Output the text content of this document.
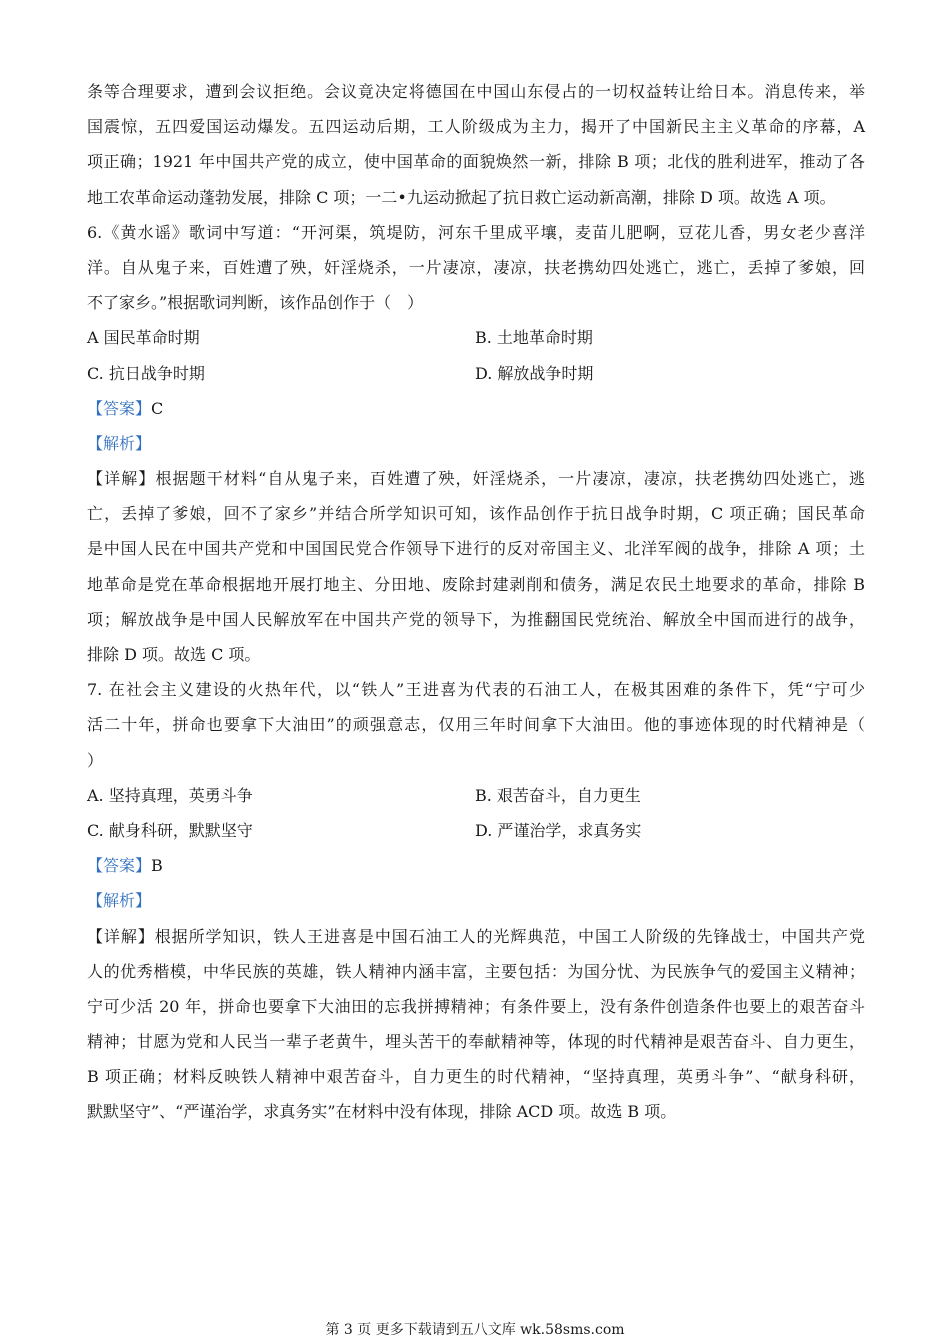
条等合理要求，遭到会议拒绝。会议竟决定将德国在中国山东侵占的一切权益转让给日本。消息传来，举
国震惊，五四爱国运动爆发。五四运动后期，工人阶级成为主力，揭开了中国新民主主义革命的序幕，A
项正确；1921 年中国共产党的成立，使中国革命的面貌焕然一新，排除 B 项；北伐的胜利进军，推动了各
地工农革命运动蓬勃发展，排除 C 项；一二•九运动掀起了抗日救亡运动新高潮，排除 D 项。故选 A 项。
6.《黄水谣》歌词中写道：“开河渠，筑堤防，河东千里成平壤，麦苗儿肥啊，豆花儿香，男女老少喜洋
洋。自从鬼子来，百姓遭了殃，奸淫烧杀，一片凄凉，凄凉，扶老携幼四处逃亡，逃亡，丢掉了爹娘，回
不了家乡。”根据歌词判断，该作品创作于（　）
A 国民革命时期	B. 土地革命时期
C. 抗日战争时期	D. 解放战争时期
【答案】C
【解析】
【详解】根据题干材料“自从鬼子来，百姓遭了殃，奸淫烧杀，一片凄凉，凄凉，扶老携幼四处逃亡，逃
亡，丢掉了爹娘，回不了家乡”并结合所学知识可知，该作品创作于抗日战争时期，C 项正确；国民革命
是中国人民在中国共产党和中国国民党合作领导下进行的反对帝国主义、北洋军阀的战争，排除 A 项；土
地革命是党在革命根据地开展打地主、分田地、废除封建剥削和债务，满足农民土地要求的革命，排除 B
项；解放战争是中国人民解放军在中国共产党的领导下，为推翻国民党统治、解放全中国而进行的战争，
排除 D 项。故选 C 项。
7. 在社会主义建设的火热年代，以“铁人”王进喜为代表的石油工人，在极其困难的条件下，凭“宁可少
活二十年，拼命也要拿下大油田”的顽强意志，仅用三年时间拿下大油田。他的事迹体现的时代精神是（
）
A. 坚持真理，英勇斗争	B. 艰苦奋斗，自力更生
C. 献身科研，默默坚守	D. 严谨治学，求真务实
【答案】B
【解析】
【详解】根据所学知识，铁人王进喜是中国石油工人的光辉典范，中国工人阶级的先锋战士，中国共产党
人的优秀楷模，中华民族的英雄，铁人精神内涵丰富，主要包括：为国分忧、为民族争气的爱国主义精神；
宁可少活 20 年，拼命也要拿下大油田的忘我拼搏精神；有条件要上，没有条件创造条件也要上的艰苦奋斗
精神；甘愿为党和人民当一辈子老黄牛，埋头苦干的奉献精神等，体现的时代精神是艰苦奋斗、自力更生，
B 项正确；材料反映铁人精神中艰苦奋斗，自力更生的时代精神，“坚持真理，英勇斗争”、“献身科研，
默默坚守”、“严谨治学，求真务实”在材料中没有体现，排除 ACD 项。故选 B 项。
第 3 页 更多下载请到五八文库 wk.58sms.com
